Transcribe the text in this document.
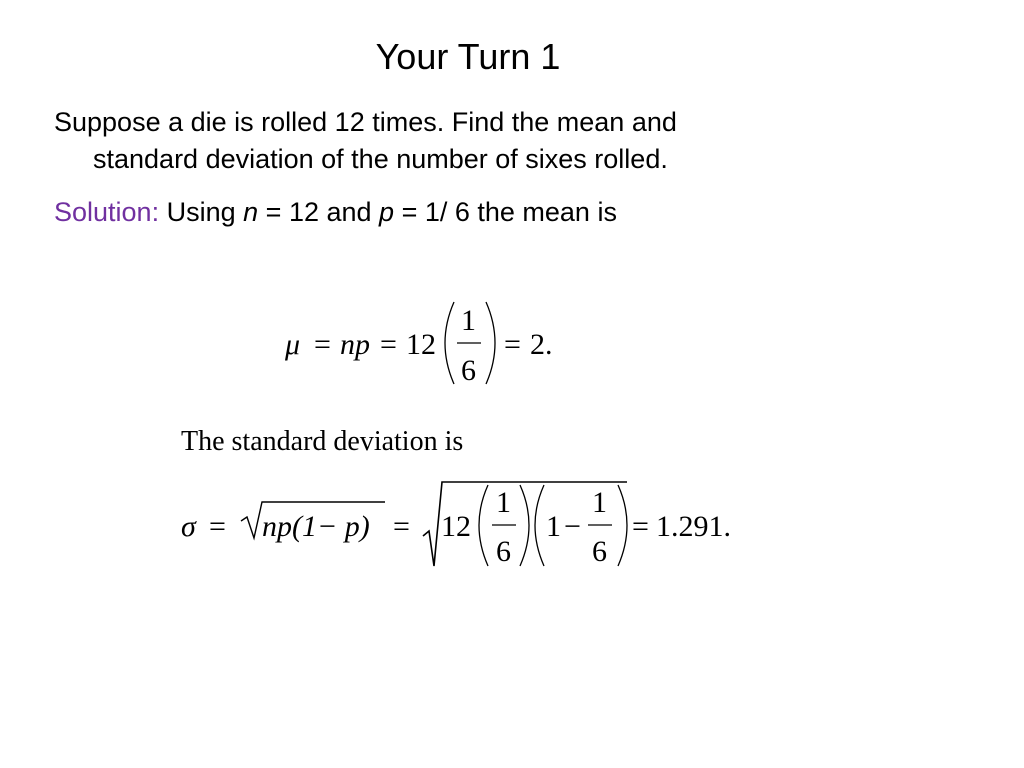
Your Turn 1
Suppose a die is rolled 12 times. Find the mean and
standard deviation of the number of sixes rolled.
Solution: Using n = 12 and p = 1/ 6 the mean is
μ = np = 12
1
6
= 2.
The standard deviation is
σ = np(1− p) = 12
1
6
1 −
1
6
= 1.291.
